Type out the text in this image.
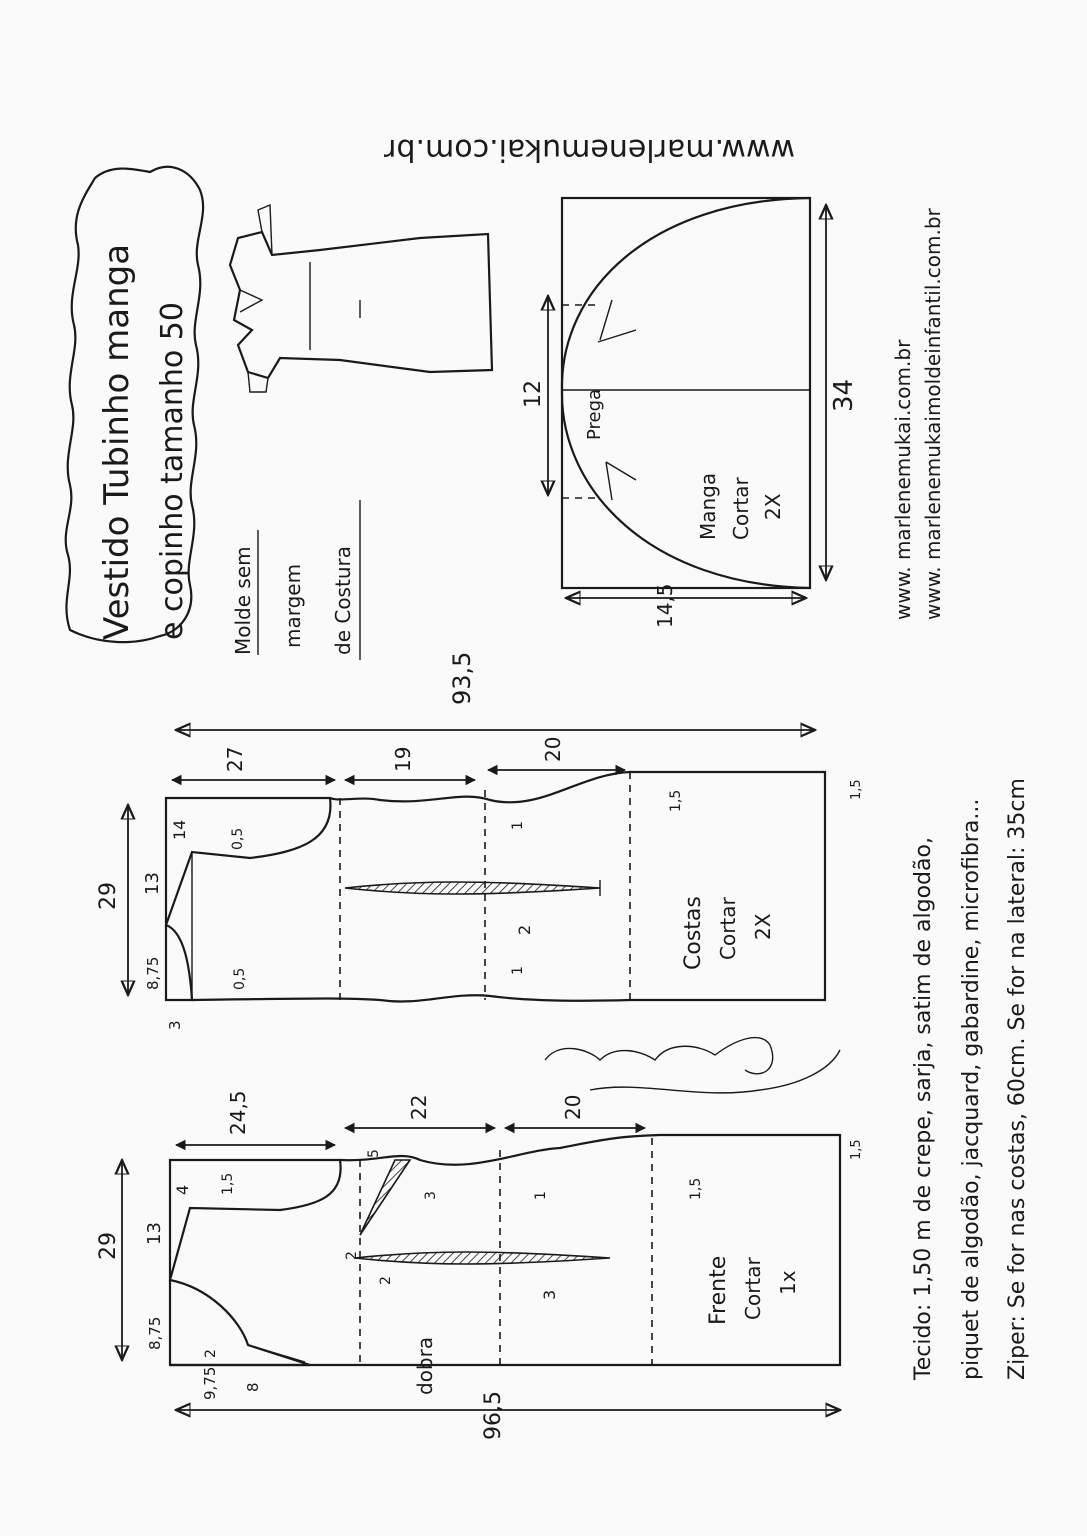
Vestido Tubinho manga e copinho tamanho 50 Molde sem margem de Costura
www.marlenemukai.com.br
12	34
14,5
Prega
Manga Cortar 2X	www. marlenemukai.com.br www. marlenemukaimoldeinfantil.com.br
93,5
27	19	20
29
14
13
8,75
3
0,5
0,5
1
1
1,5
1,5
2	Costas Cortar 2X
96,5
24,5	22	20
29
4
13
8,75
9,75 8
2
1,5
5
3	1	1,5
1,5
2
3
2
dobra
Frente Cortar 1x	Tecido: 1,50 m de crepe, sarja, satim de algodão, piquet de algodão, jacquard, gabardine, microfibra... Ziper: Se for nas costas, 60cm. Se for na lateral: 35cm
